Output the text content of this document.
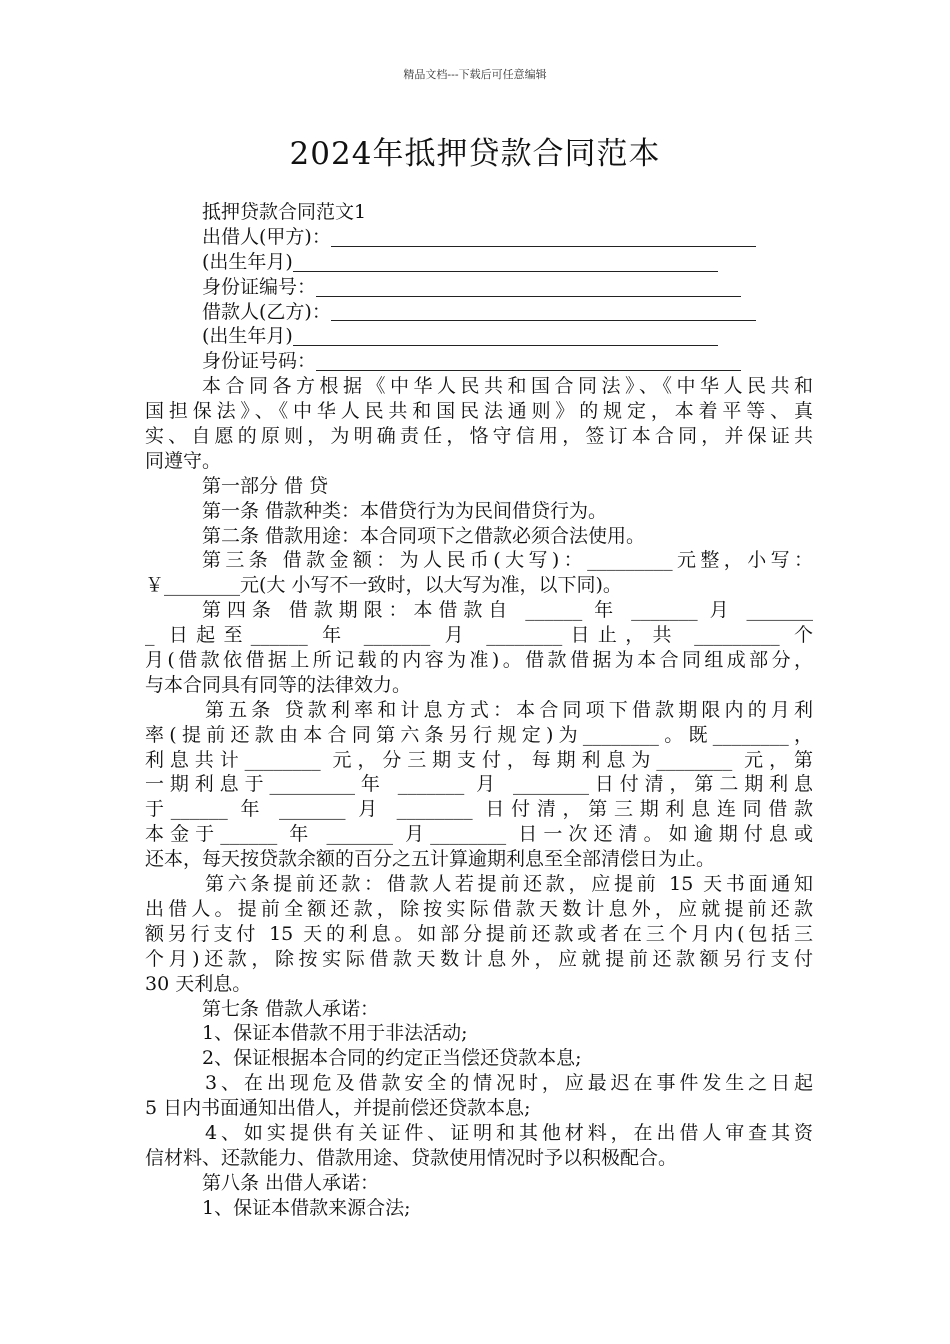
精品文档---下载后可任意编辑
2024年抵押贷款合同范本
抵押贷款合同范文1
出借人(甲方)：
(出生年月)
身份证编号：
借款人(乙方)：
(出生年月)
身份证号码：
本合同各方根据《中华人民共和国合同法》、《中华人民共和
国担保法》、《中华人民共和国民法通则》的规定，本着平等、真
实、自愿的原则，为明确责任，恪守信用，签订本合同，并保证共
同遵守。
第一部分 借 贷
第一条 借款种类：本借贷行为为民间借贷行为。
第二条 借款用途：本合同项下之借款必须合法使用。
第三条 借款金额：为人民币(大写)：_________元整，小写：
￥________元(大 小写不一致时，以大写为准，以下同)。
第四条 借款期限：本借款自 ______ 年 _______ 月 _______
_ 日起至______ 年 _______ 月 ________日止，共 _________ 个
月(借款依借据上所记载的内容为准)。借款借据为本合同组成部分，
与本合同具有同等的法律效力。
第五条 贷款利率和计息方式：本合同项下借款期限内的月利
率(提前还款由本合同第六条另行规定)为________。既________，
利息共计________ 元，分三期支付，每期利息为________ 元，第
一期利息于_________年 _______ 月 ________日付清，第二期利息
于______ 年 _______ 月 ________ 日付清，第三期利息连同借款
本金于______ 年 _______ 月________ 日一次还清。如逾期付息或
还本，每天按贷款余额的百分之五计算逾期利息至全部清偿日为止。
第六条提前还款：借款人若提前还款，应提前 15 天书面通知
出借人。提前全额还款，除按实际借款天数计息外，应就提前还款
额另行支付 15 天的利息。如部分提前还款或者在三个月内(包括三
个月)还款，除按实际借款天数计息外，应就提前还款额另行支付
30 天利息。
第七条 借款人承诺：
1、保证本借款不用于非法活动;
2、保证根据本合同的约定正当偿还贷款本息;
3、在出现危及借款安全的情况时，应最迟在事件发生之日起
5 日内书面通知出借人，并提前偿还贷款本息;
4、如实提供有关证件、证明和其他材料，在出借人审查其资
信材料、还款能力、借款用途、贷款使用情况时予以积极配合。
第八条 出借人承诺：
1、保证本借款来源合法;
